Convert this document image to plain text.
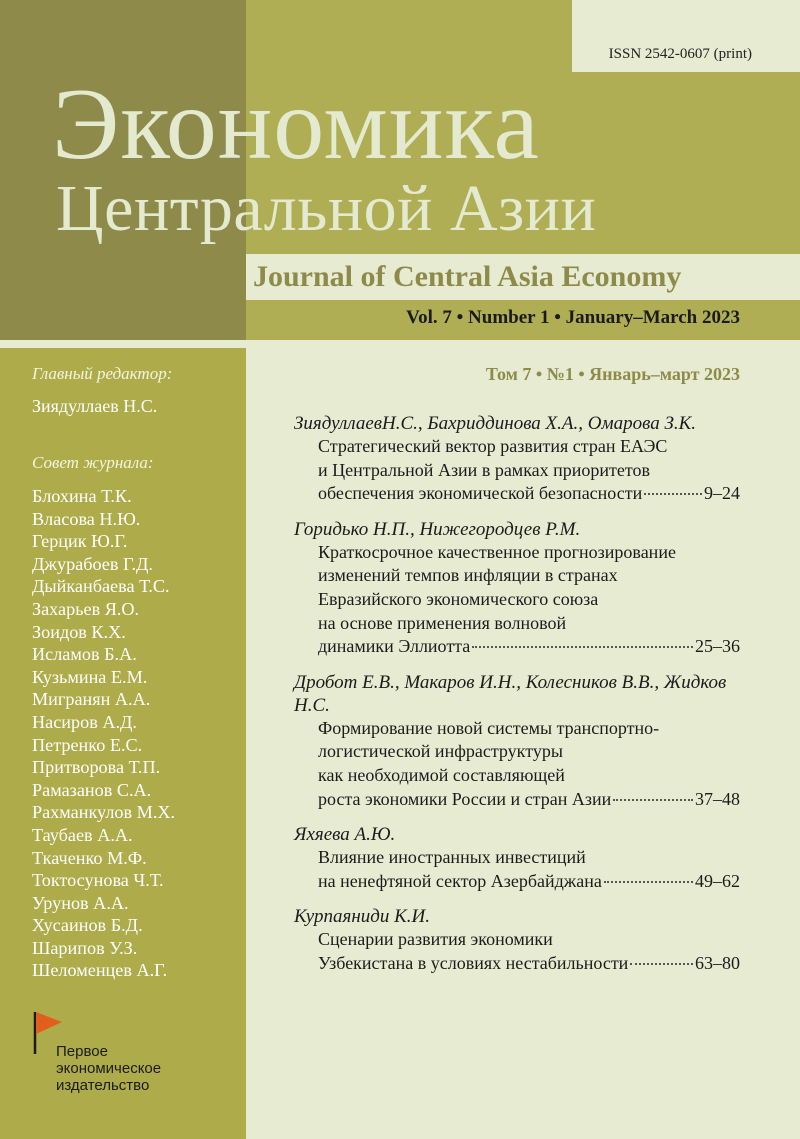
ISSN 2542-0607 (print)
Экономика
Центральной Азии
Journal of Central Asia Economy
Vol. 7 • Number 1 • January–March 2023
Главный редактор:
Зиядуллаев Н.С.
Совет журнала:
Блохина Т.К.
Власова Н.Ю.
Герцик Ю.Г.
Джурабоев Г.Д.
Дыйканбаева Т.С.
Захарьев Я.О.
Зоидов К.Х.
Исламов Б.А.
Кузьмина Е.М.
Мигранян А.А.
Насиров А.Д.
Петренко Е.С.
Притворова Т.П.
Рамазанов С.А.
Рахманкулов М.Х.
Таубаев А.А.
Ткаченко М.Ф.
Токтосунова Ч.Т.
Урунов А.А.
Хусаинов Б.Д.
Шарипов У.З.
Шеломенцев А.Г.
Первое
экономическое
издательство
Том 7 • №1 • Январь–март 2023
ЗиядуллаевН.С., Бахриддинова Х.А., Омарова З.К.
Стратегический вектор развития стран ЕАЭС
и Центральной Азии в рамках приоритетов
обеспечения экономической безопасности	9–24
Горидько Н.П., Нижегородцев Р.М.
Краткосрочное качественное прогнозирование
изменений темпов инфляции в странах
Евразийского экономического союза
на основе применения волновой
динамики Эллиотта	25–36
Дробот Е.В., Макаров И.Н., Колесников В.В., Жидков Н.С.
Формирование новой системы транспортно-
логистической инфраструктуры
как необходимой составляющей
роста экономики России и стран Азии	37–48
Яхяева А.Ю.
Влияние иностранных инвестиций
на ненефтяной сектор Азербайджана	49–62
Курпаяниди К.И.
Сценарии развития экономики
Узбекистана в условиях нестабильности	63–80
